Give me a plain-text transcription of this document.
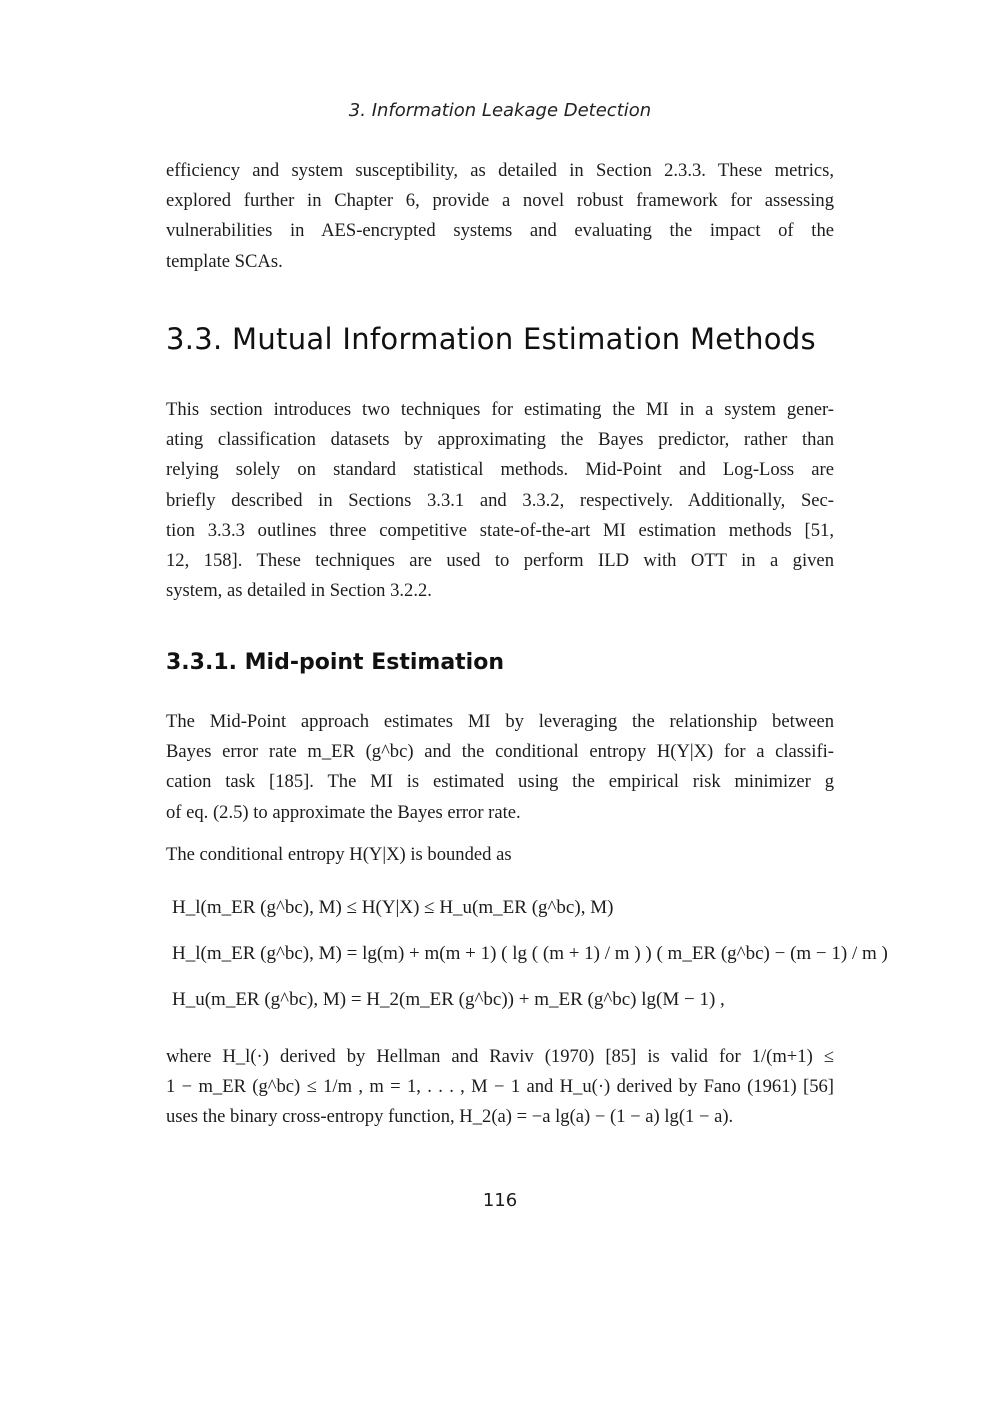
3. Information Leakage Detection
efficiency and system susceptibility, as detailed in Section 2.3.3. These metrics,
explored further in Chapter 6, provide a novel robust framework for assessing
vulnerabilities in AES-encrypted systems and evaluating the impact of the
template SCAs.
3.3. Mutual Information Estimation Methods
This section introduces two techniques for estimating the MI in a system gener-
ating classification datasets by approximating the Bayes predictor, rather than
relying solely on standard statistical methods. Mid-Point and Log-Loss are
briefly described in Sections 3.3.1 and 3.3.2, respectively. Additionally, Sec-
tion 3.3.3 outlines three competitive state-of-the-art MI estimation methods [51,
12, 158]. These techniques are used to perform ILD with OTT in a given
system, as detailed in Section 3.2.2.
3.3.1. Mid-point Estimation
The Mid-Point approach estimates MI by leveraging the relationship between
Bayes error rate m_ER (g^bc) and the conditional entropy H(Y|X) for a classifi-
cation task [185]. The MI is estimated using the empirical risk minimizer g
of eq. (2.5) to approximate the Bayes error rate.
The conditional entropy H(Y|X) is bounded as
H_l(m_ER (g^bc), M) ≤ H(Y|X) ≤ H_u(m_ER (g^bc), M)
H_l(m_ER (g^bc), M) = lg(m) + m(m + 1) ( lg ( (m + 1) / m ) ) ( m_ER (g^bc) − (m − 1) / m )
H_u(m_ER (g^bc), M) = H_2(m_ER (g^bc)) + m_ER (g^bc) lg(M − 1) ,
where H_l(·) derived by Hellman and Raviv (1970) [85] is valid for 1/(m+1) ≤
1 − m_ER (g^bc) ≤ 1/m , m = 1, . . . , M − 1 and H_u(·) derived by Fano (1961) [56]
uses the binary cross-entropy function, H_2(a) = −a lg(a) − (1 − a) lg(1 − a).
116
